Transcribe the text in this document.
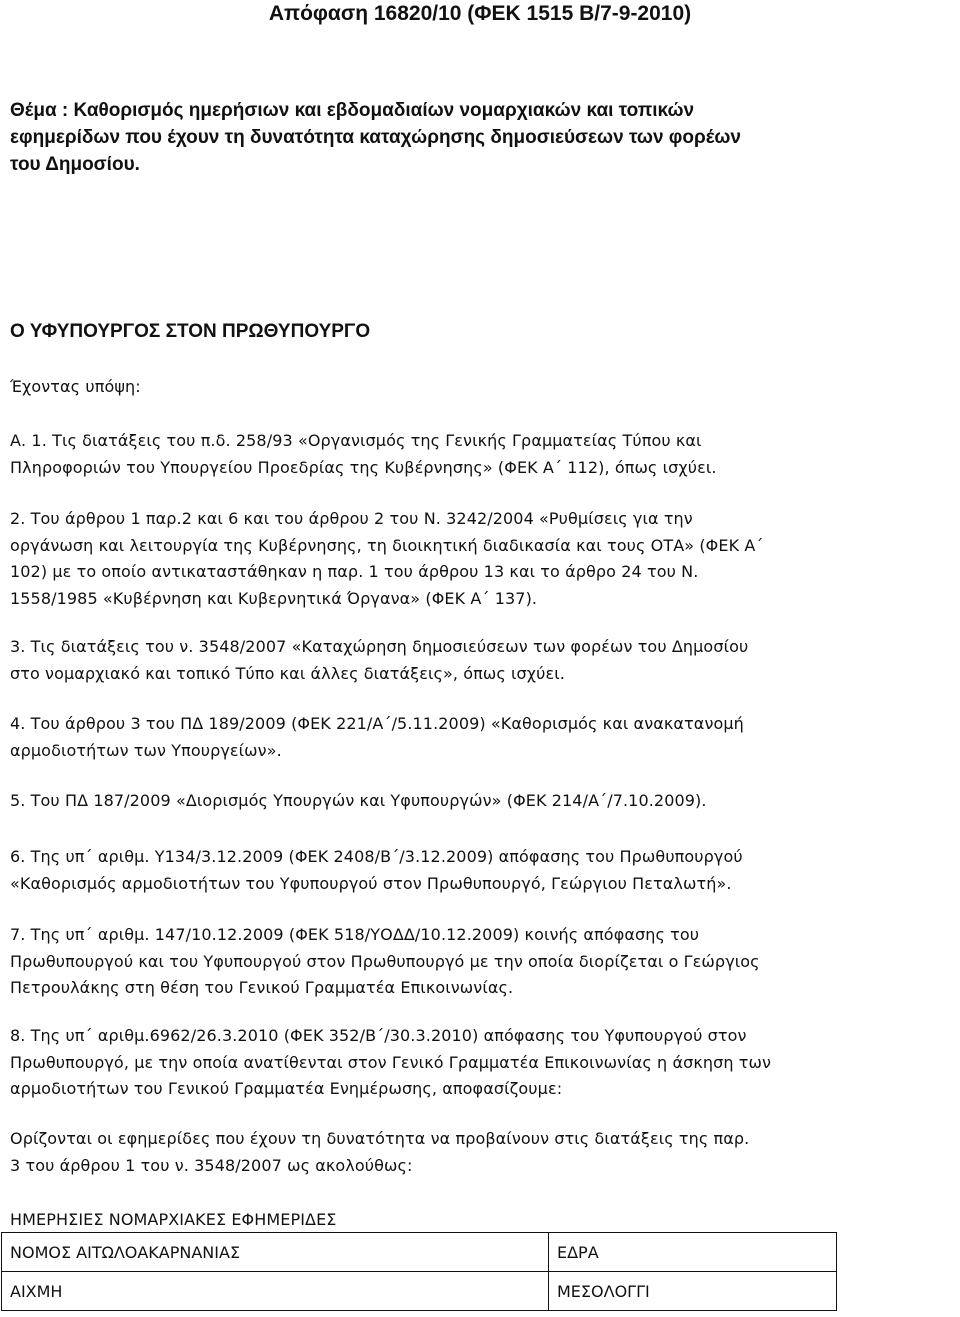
Απόφαση 16820/10 (ΦΕΚ 1515 Β/7-9-2010)
Θέμα : Καθορισμός ημερήσιων και εβδομαδιαίων νομαρχιακών και τοπικών
εφημερίδων που έχουν τη δυνατότητα καταχώρησης δημοσιεύσεων των φορέων
του Δημοσίου.
Ο ΥΦΥΠΟΥΡΓΟΣ ΣΤΟΝ ΠΡΩΘΥΠΟΥΡΓΟ
Έχοντας υπόψη:
Α. 1. Τις διατάξεις του π.δ. 258/93 «Οργανισμός της Γενικής Γραμματείας Τύπου και
Πληροφοριών του Υπουργείου Προεδρίας της Κυβέρνησης» (ΦΕΚ Α΄ 112), όπως ισχύει.
2. Του άρθρου 1 παρ.2 και 6 και του άρθρου 2 του Ν. 3242/2004 «Ρυθμίσεις για την
οργάνωση και λειτουργία της Κυβέρνησης, τη διοικητική διαδικασία και τους ΟΤΑ» (ΦΕΚ Α΄
102) με το οποίο αντικαταστάθηκαν η παρ. 1 του άρθρου 13 και το άρθρο 24 του Ν.
1558/1985 «Κυβέρνηση και Κυβερνητικά Όργανα» (ΦΕΚ Α΄ 137).
3. Τις διατάξεις του ν. 3548/2007 «Καταχώρηση δημοσιεύσεων των φορέων του Δημοσίου
στο νομαρχιακό και τοπικό Τύπο και άλλες διατάξεις», όπως ισχύει.
4. Του άρθρου 3 του ΠΔ 189/2009 (ΦΕΚ 221/Α΄/5.11.2009) «Καθορισμός και ανακατανομή
αρμοδιοτήτων των Υπουργείων».
5. Του ΠΔ 187/2009 «Διορισμός Υπουργών και Υφυπουργών» (ΦΕΚ 214/Α΄/7.10.2009).
6. Της υπ΄ αριθμ. Υ134/3.12.2009 (ΦΕΚ 2408/Β΄/3.12.2009) απόφασης του Πρωθυπουργού
«Καθορισμός αρμοδιοτήτων του Υφυπουργού στον Πρωθυπουργό, Γεώργιου Πεταλωτή».
7. Της υπ΄ αριθμ. 147/10.12.2009 (ΦΕΚ 518/ΥΟΔΔ/10.12.2009) κοινής απόφασης του
Πρωθυπουργού και του Υφυπουργού στον Πρωθυπουργό με την οποία διορίζεται ο Γεώργιος
Πετρουλάκης στη θέση του Γενικού Γραμματέα Επικοινωνίας.
8. Της υπ΄ αριθμ.6962/26.3.2010 (ΦΕΚ 352/Β΄/30.3.2010) απόφασης του Υφυπουργού στον
Πρωθυπουργό, με την οποία ανατίθενται στον Γενικό Γραμματέα Επικοινωνίας η άσκηση των
αρμοδιοτήτων του Γενικού Γραμματέα Ενημέρωσης, αποφασίζουμε:
Ορίζονται οι εφημερίδες που έχουν τη δυνατότητα να προβαίνουν στις διατάξεις της παρ.
3 του άρθρου 1 του ν. 3548/2007 ως ακολούθως:
ΗΜΕΡΗΣΙΕΣ ΝΟΜΑΡΧΙΑΚΕΣ ΕΦΗΜΕΡΙΔΕΣ
ΝΟΜΟΣ ΑΙΤΩΛΟΑΚΑΡΝΑΝΙΑΣ	ΕΔΡΑ
ΑΙΧΜΗ	ΜΕΣΟΛΟΓΓΙ
